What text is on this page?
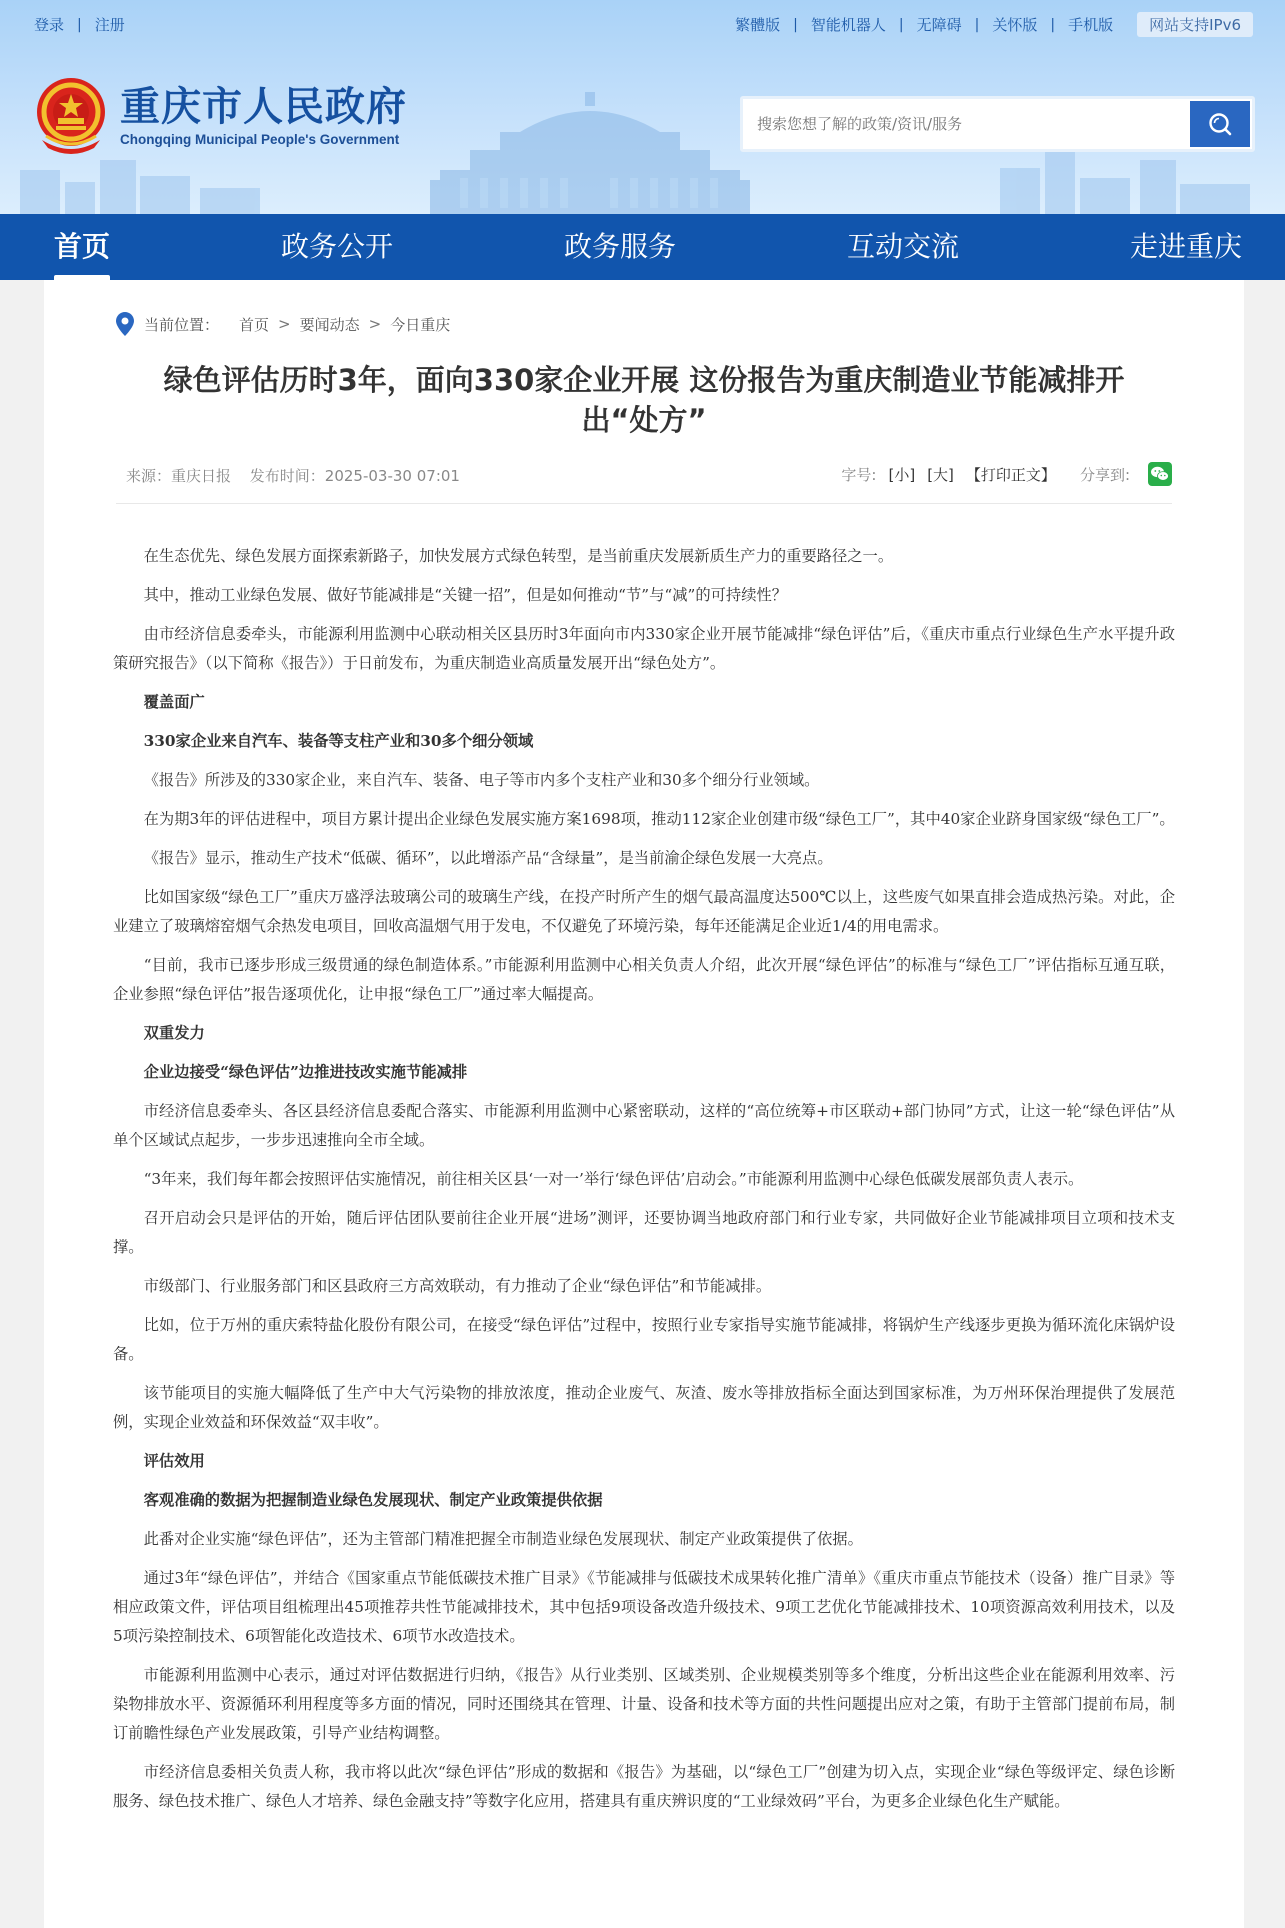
登录 | 注册	繁體版 | 智能机器人 | 无障碍 | 关怀版 | 手机版	网站支持IPv6
重庆市人民政府
Chongqing Municipal People's Government
搜索您想了解的政策/资讯/服务
首页	政务公开	政务服务	互动交流	走进重庆
当前位置： 首页 > 要闻动态 > 今日重庆
绿色评估历时3年，面向330家企业开展 这份报告为重庆制造业节能减排开出“处方”
来源：重庆日报 发布时间：2025-03-30 07:01	字号: [小] [大] 【打印正文】 分享到:

在生态优先、绿色发展方面探索新路子，加快发展方式绿色转型，是当前重庆发展新质生产力的重要路径之一。

其中，推动工业绿色发展、做好节能减排是“关键一招”，但是如何推动“节”与“减”的可持续性？

由市经济信息委牵头，市能源利用监测中心联动相关区县历时3年面向市内330家企业开展节能减排“绿色评估”后，《重庆市重点行业绿色生产水平提升政策研究报告》（以下简称《报告》）于日前发布，为重庆制造业高质量发展开出“绿色处方”。

覆盖面广

330家企业来自汽车、装备等支柱产业和30多个细分领域

《报告》所涉及的330家企业，来自汽车、装备、电子等市内多个支柱产业和30多个细分行业领域。

在为期3年的评估进程中，项目方累计提出企业绿色发展实施方案1698项，推动112家企业创建市级“绿色工厂”，其中40家企业跻身国家级“绿色工厂”。

《报告》显示，推动生产技术“低碳、循环”，以此增添产品“含绿量”，是当前渝企绿色发展一大亮点。

比如国家级“绿色工厂”重庆万盛浮法玻璃公司的玻璃生产线，在投产时所产生的烟气最高温度达500℃以上，这些废气如果直排会造成热污染。对此，企业建立了玻璃熔窑烟气余热发电项目，回收高温烟气用于发电，不仅避免了环境污染，每年还能满足企业近1/4的用电需求。

“目前，我市已逐步形成三级贯通的绿色制造体系。”市能源利用监测中心相关负责人介绍，此次开展“绿色评估”的标准与“绿色工厂”评估指标互通互联，企业参照“绿色评估”报告逐项优化，让申报“绿色工厂”通过率大幅提高。

双重发力

企业边接受“绿色评估”边推进技改实施节能减排

市经济信息委牵头、各区县经济信息委配合落实、市能源利用监测中心紧密联动，这样的“高位统筹+市区联动+部门协同”方式，让这一轮“绿色评估”从单个区域试点起步，一步步迅速推向全市全域。

“3年来，我们每年都会按照评估实施情况，前往相关区县‘一对一’举行‘绿色评估’启动会。”市能源利用监测中心绿色低碳发展部负责人表示。

召开启动会只是评估的开始，随后评估团队要前往企业开展“进场”测评，还要协调当地政府部门和行业专家，共同做好企业节能减排项目立项和技术支撑。

市级部门、行业服务部门和区县政府三方高效联动，有力推动了企业“绿色评估”和节能减排。

比如，位于万州的重庆索特盐化股份有限公司，在接受“绿色评估”过程中，按照行业专家指导实施节能减排，将锅炉生产线逐步更换为循环流化床锅炉设备。

该节能项目的实施大幅降低了生产中大气污染物的排放浓度，推动企业废气、灰渣、废水等排放指标全面达到国家标准，为万州环保治理提供了发展范例，实现企业效益和环保效益“双丰收”。

评估效用

客观准确的数据为把握制造业绿色发展现状、制定产业政策提供依据

此番对企业实施“绿色评估”，还为主管部门精准把握全市制造业绿色发展现状、制定产业政策提供了依据。

通过3年“绿色评估”，并结合《国家重点节能低碳技术推广目录》《节能减排与低碳技术成果转化推广清单》《重庆市重点节能技术（设备）推广目录》等相应政策文件，评估项目组梳理出45项推荐共性节能减排技术，其中包括9项设备改造升级技术、9项工艺优化节能减排技术、10项资源高效利用技术，以及5项污染控制技术、6项智能化改造技术、6项节水改造技术。

市能源利用监测中心表示，通过对评估数据进行归纳，《报告》从行业类别、区域类别、企业规模类别等多个维度，分析出这些企业在能源利用效率、污染物排放水平、资源循环利用程度等多方面的情况，同时还围绕其在管理、计量、设备和技术等方面的共性问题提出应对之策，有助于主管部门提前布局，制订前瞻性绿色产业发展政策，引导产业结构调整。

市经济信息委相关负责人称，我市将以此次“绿色评估”形成的数据和《报告》为基础，以“绿色工厂”创建为切入点，实现企业“绿色等级评定、绿色诊断服务、绿色技术推广、绿色人才培养、绿色金融支持”等数字化应用，搭建具有重庆辨识度的“工业绿效码”平台，为更多企业绿色化生产赋能。
